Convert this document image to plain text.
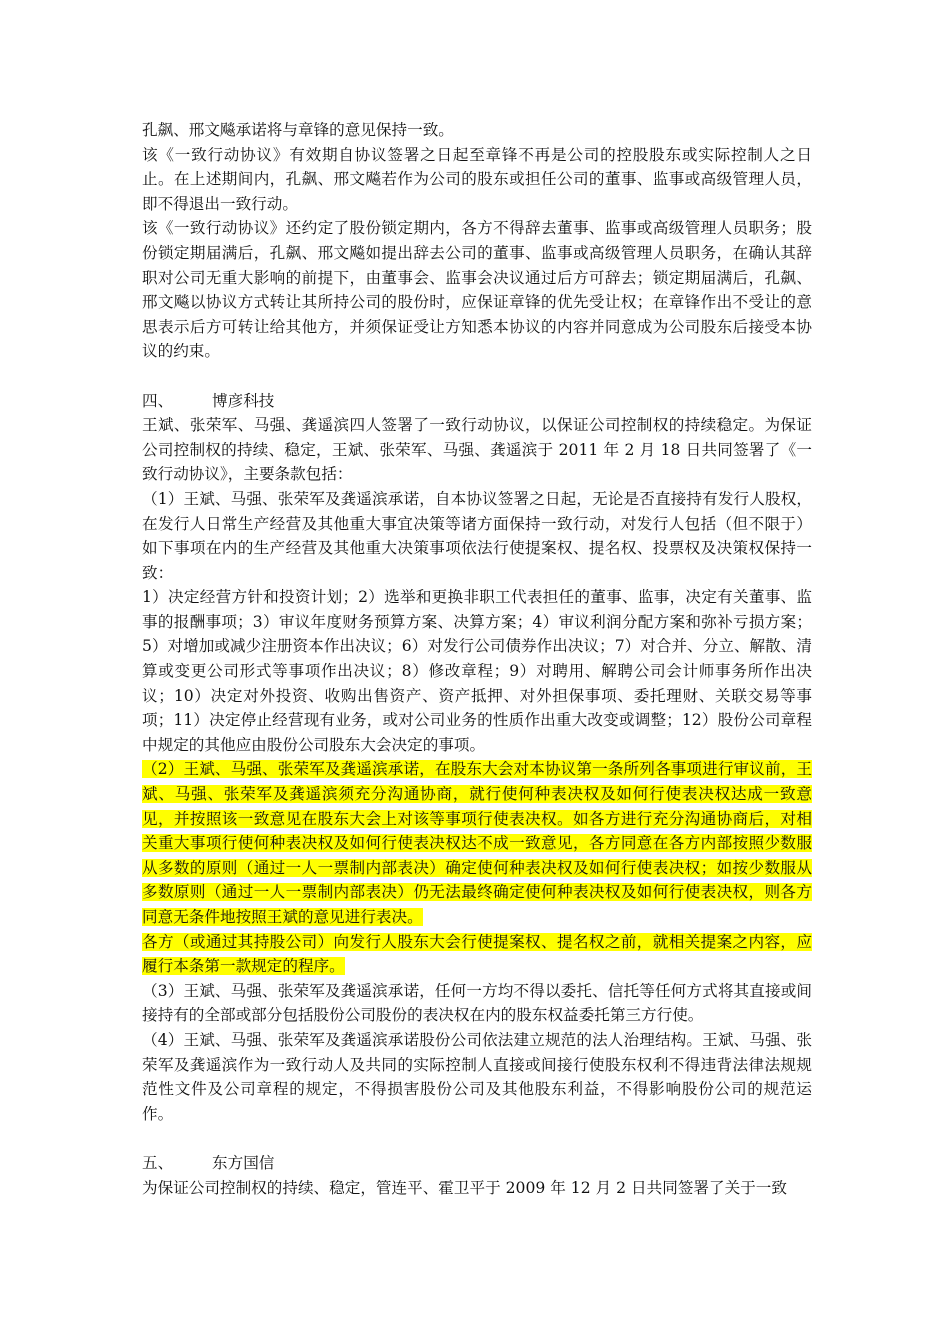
孔飙、邢文飚承诺将与章锋的意见保持一致。

该《一致行动协议》有效期自协议签署之日起至章锋不再是公司的控股股东或实际控制人之日止。在上述期间内，孔飙、邢文飚若作为公司的股东或担任公司的董事、监事或高级管理人员，即不得退出一致行动。

该《一致行动协议》还约定了股份锁定期内，各方不得辞去董事、监事或高级管理人员职务；股份锁定期届满后，孔飙、邢文飚如提出辞去公司的董事、监事或高级管理人员职务，在确认其辞职对公司无重大影响的前提下，由董事会、监事会决议通过后方可辞去；锁定期届满后，孔飙、邢文飚以协议方式转让其所持公司的股份时，应保证章锋的优先受让权；在章锋作出不受让的意思表示后方可转让给其他方，并须保证受让方知悉本协议的内容并同意成为公司股东后接受本协议的约束。

四、 博彦科技

王斌、张荣军、马强、龚遥滨四人签署了一致行动协议，以保证公司控制权的持续稳定。为保证公司控制权的持续、稳定，王斌、张荣军、马强、龚遥滨于 2011 年 2 月 18 日共同签署了《一致行动协议》，主要条款包括：

（1）王斌、马强、张荣军及龚遥滨承诺，自本协议签署之日起，无论是否直接持有发行人股权，在发行人日常生产经营及其他重大事宜决策等诸方面保持一致行动，对发行人包括（但不限于）如下事项在内的生产经营及其他重大决策事项依法行使提案权、提名权、投票权及决策权保持一致：

1）决定经营方针和投资计划；2）选举和更换非职工代表担任的董事、监事，决定有关董事、监事的报酬事项；3）审议年度财务预算方案、决算方案；4）审议利润分配方案和弥补亏损方案；5）对增加或减少注册资本作出决议；6）对发行公司债券作出决议；7）对合并、分立、解散、清算或变更公司形式等事项作出决议；8）修改章程；9）对聘用、解聘公司会计师事务所作出决议；10）决定对外投资、收购出售资产、资产抵押、对外担保事项、委托理财、关联交易等事项；11）决定停止经营现有业务，或对公司业务的性质作出重大改变或调整；12）股份公司章程中规定的其他应由股份公司股东大会决定的事项。

（2）王斌、马强、张荣军及龚遥滨承诺，在股东大会对本协议第一条所列各事项进行审议前，王斌、马强、张荣军及龚遥滨须充分沟通协商，就行使何种表决权及如何行使表决权达成一致意见，并按照该一致意见在股东大会上对该等事项行使表决权。如各方进行充分沟通协商后，对相关重大事项行使何种表决权及如何行使表决权达不成一致意见，各方同意在各方内部按照少数服从多数的原则（通过一人一票制内部表决）确定使何种表决权及如何行使表决权；如按少数服从多数原则（通过一人一票制内部表决）仍无法最终确定使何种表决权及如何行使表决权，则各方同意无条件地按照王斌的意见进行表决。

各方（或通过其持股公司）向发行人股东大会行使提案权、提名权之前，就相关提案之内容，应履行本条第一款规定的程序。

（3）王斌、马强、张荣军及龚遥滨承诺，任何一方均不得以委托、信托等任何方式将其直接或间接持有的全部或部分包括股份公司股份的表决权在内的股东权益委托第三方行使。

（4）王斌、马强、张荣军及龚遥滨承诺股份公司依法建立规范的法人治理结构。王斌、马强、张荣军及龚遥滨作为一致行动人及共同的实际控制人直接或间接行使股东权利不得违背法律法规规范性文件及公司章程的规定，不得损害股份公司及其他股东利益，不得影响股份公司的规范运作。

五、 东方国信

为保证公司控制权的持续、稳定，管连平、霍卫平于 2009 年 12 月 2 日共同签署了关于一致
